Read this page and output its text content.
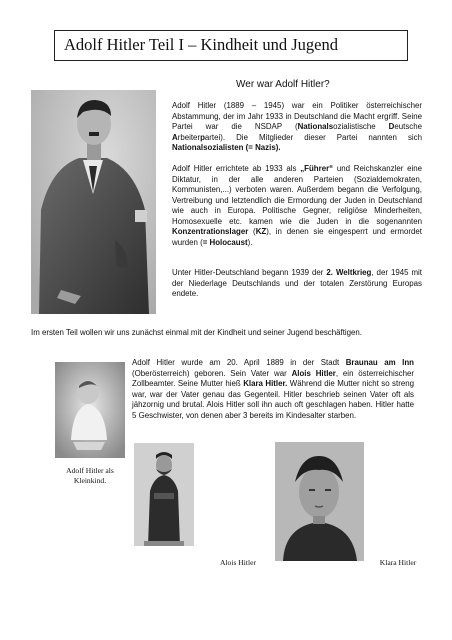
Adolf Hitler Teil I – Kindheit und Jugend
Wer war Adolf Hitler?

Adolf Hitler (1889 – 1945) war ein Politiker österreichischer Abstammung, der im Jahr 1933 in Deutschland die Macht ergriff. Seine Partei war die NSDAP (Nationalsozialistische Deutsche Arbeiterpartei). Die Mitglieder dieser Partei nannten sich Nationalsozialisten (= Nazis).

Adolf Hitler errichtete ab 1933 als „Führer“ und Reichskanzler eine Diktatur, in der alle anderen Parteien (Sozialdemokraten, Kommunisten,...) verboten waren. Außerdem begann die Verfolgung, Vertreibung und letztendlich die Ermordung der Juden in Deutschland wie auch in Europa. Politische Gegner, religiöse Minderheiten, Homosexuelle etc. kamen wie die Juden in die sogenannten Konzentrationslager (KZ), in denen sie eingesperrt und ermordet wurden (= Holocaust).

Unter Hitler-Deutschland begann 1939 der 2. Weltkrieg, der 1945 mit der Niederlage Deutschlands und der totalen Zerstörung Europas endete.

Im ersten Teil wollen wir uns zunächst einmal mit der Kindheit und seiner Jugend beschäftigen.

Adolf Hitler wurde am 20. April 1889 in der Stadt Braunau am Inn (Oberösterreich) geboren. Sein Vater war Alois Hitler, ein österreichischer Zollbeamter. Seine Mutter hieß Klara Hitler. Während die Mutter nicht so streng war, war der Vater genau das Gegenteil. Hitler beschrieb seinen Vater oft als jähzornig und brutal. Alois Hitler soll ihn auch oft geschlagen haben. Hitler hatte 5 Geschwister, von denen aber 3 bereits im Kindesalter starben.

Adolf Hitler als Kleinkind.
Alois Hitler	Klara Hitler
